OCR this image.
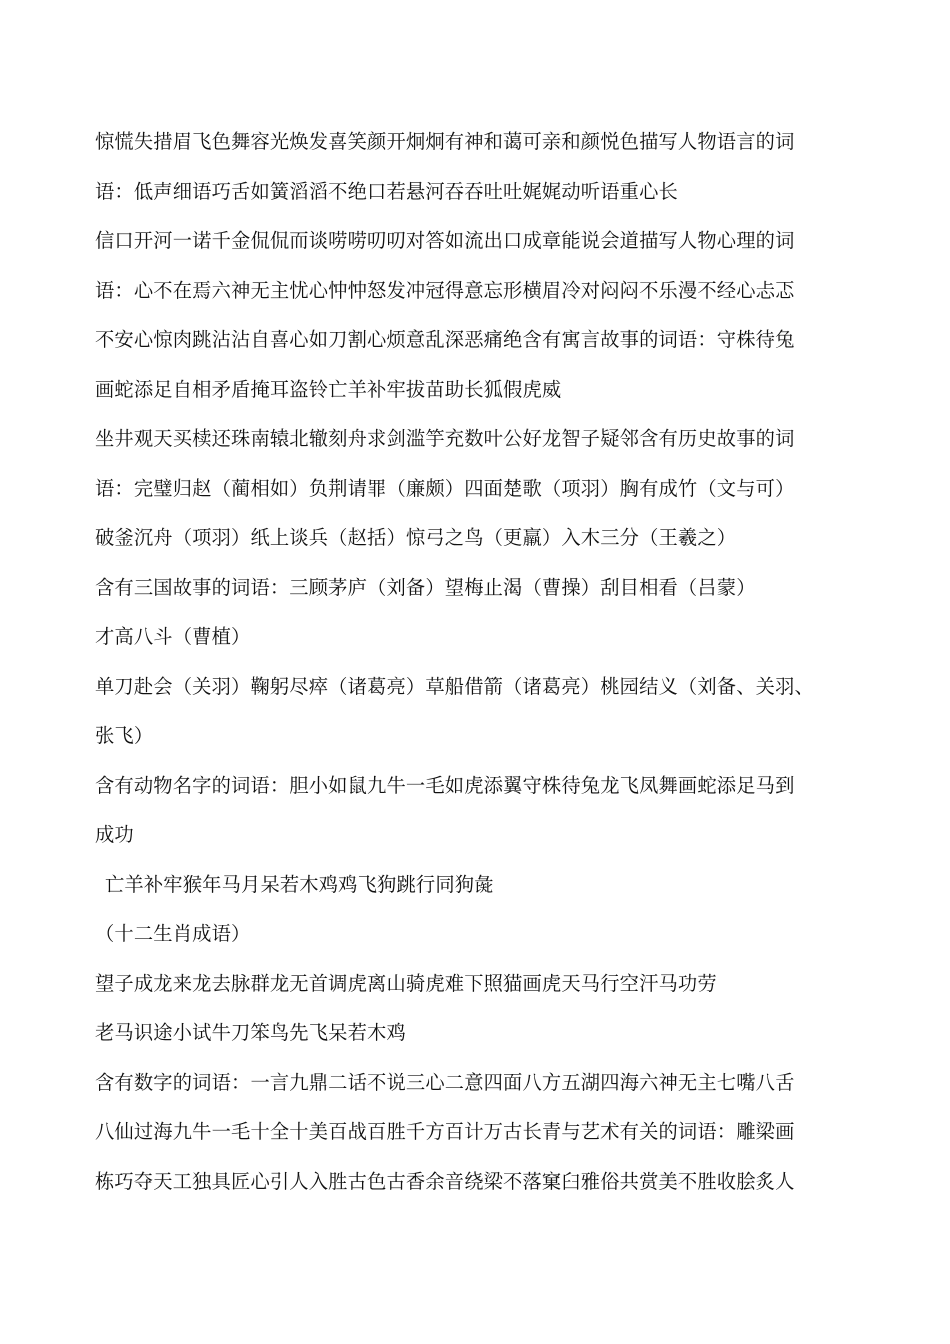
惊慌失措眉飞色舞容光焕发喜笑颜开炯炯有神和蔼可亲和颜悦色描写人物语言的词
语：低声细语巧舌如簧滔滔不绝口若悬河吞吞吐吐娓娓动听语重心长
信口开河一诺千金侃侃而谈唠唠叨叨对答如流出口成章能说会道描写人物心理的词
语：心不在焉六神无主忧心忡忡怒发冲冠得意忘形横眉冷对闷闷不乐漫不经心忐忑
不安心惊肉跳沾沾自喜心如刀割心烦意乱深恶痛绝含有寓言故事的词语：守株待兔
画蛇添足自相矛盾掩耳盗铃亡羊补牢拔苗助长狐假虎威
坐井观天买椟还珠南辕北辙刻舟求剑滥竽充数叶公好龙智子疑邻含有历史故事的词
语：完璧归赵（蔺相如）负荆请罪（廉颇）四面楚歌（项羽）胸有成竹（文与可）
破釜沉舟（项羽）纸上谈兵（赵括）惊弓之鸟（更羸）入木三分（王羲之）
含有三国故事的词语：三顾茅庐（刘备）望梅止渴（曹操）刮目相看（吕蒙）
才高八斗（曹植）
单刀赴会（关羽）鞠躬尽瘁（诸葛亮）草船借箭（诸葛亮）桃园结义（刘备、关羽、
张飞）
含有动物名字的词语：胆小如鼠九牛一毛如虎添翼守株待兔龙飞凤舞画蛇添足马到
成功
亡羊补牢猴年马月呆若木鸡鸡飞狗跳行同狗彘
（十二生肖成语）
望子成龙来龙去脉群龙无首调虎离山骑虎难下照猫画虎天马行空汗马功劳
老马识途小试牛刀笨鸟先飞呆若木鸡
含有数字的词语：一言九鼎二话不说三心二意四面八方五湖四海六神无主七嘴八舌
八仙过海九牛一毛十全十美百战百胜千方百计万古长青与艺术有关的词语：雕梁画
栋巧夺天工独具匠心引人入胜古色古香余音绕梁不落窠臼雅俗共赏美不胜收脍炙人
